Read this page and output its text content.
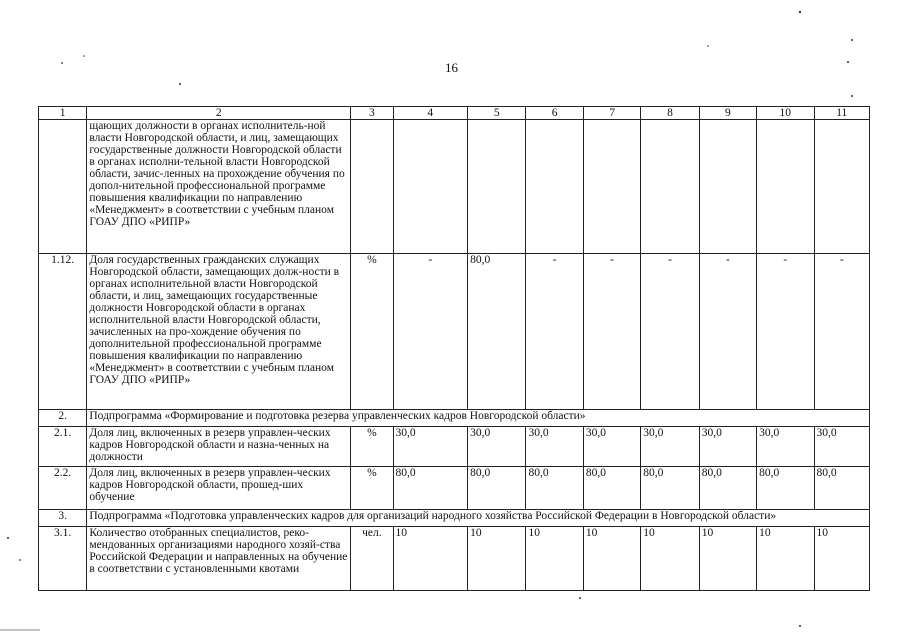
16
1	2	3	4	5	6	7	8	9	10	11
	щающих должности в органах исполнитель-ной власти Новгородской области, и лиц, замещающих государственные должности Новгородской области в органах исполни-тельной власти Новгородской области, зачис-ленных на прохождение обучения по допол-нительной профессиональной программе повышения квалификации по направлению «Менеджмент» в соответствии с учебным планом ГОАУ ДПО «РИПР»									
1.12.	Доля государственных гражданских служащих Новгородской области, замещающих долж-ности в органах исполнительной власти Новгородской области, и лиц, замещающих государственные должности Новгородской области в органах исполнительной власти Новгородской области, зачисленных на про-хождение обучения по дополнительной профессиональной программе повышения квалификации по направлению «Менеджмент» в соответствии с учебным планом ГОАУ ДПО «РИПР»	%	-	80,0	-	-	-	-	-	-
2.	Подпрограмма «Формирование и подготовка резерва управленческих кадров Новгородской области»									
2.1.	Доля лиц, включенных в резерв управлен-ческих кадров Новгородской области и назна-ченных на должности	%	30,0	30,0	30,0	30,0	30,0	30,0	30,0	30,0
2.2.	Доля лиц, включенных в резерв управлен-ческих кадров Новгородской области, прошед-ших обучение	%	80,0	80,0	80,0	80,0	80,0	80,0	80,0	80,0
3.	Подпрограмма «Подготовка управленческих кадров для организаций народного хозяйства Российской Федерации в Новгородской области»									
3.1.	Количество отобранных специалистов, реко-мендованных организациями народного хозяй-ства Российской Федерации и направленных на обучение в соответствии с установленными квотами	чел.	10	10	10	10	10	10	10	10
